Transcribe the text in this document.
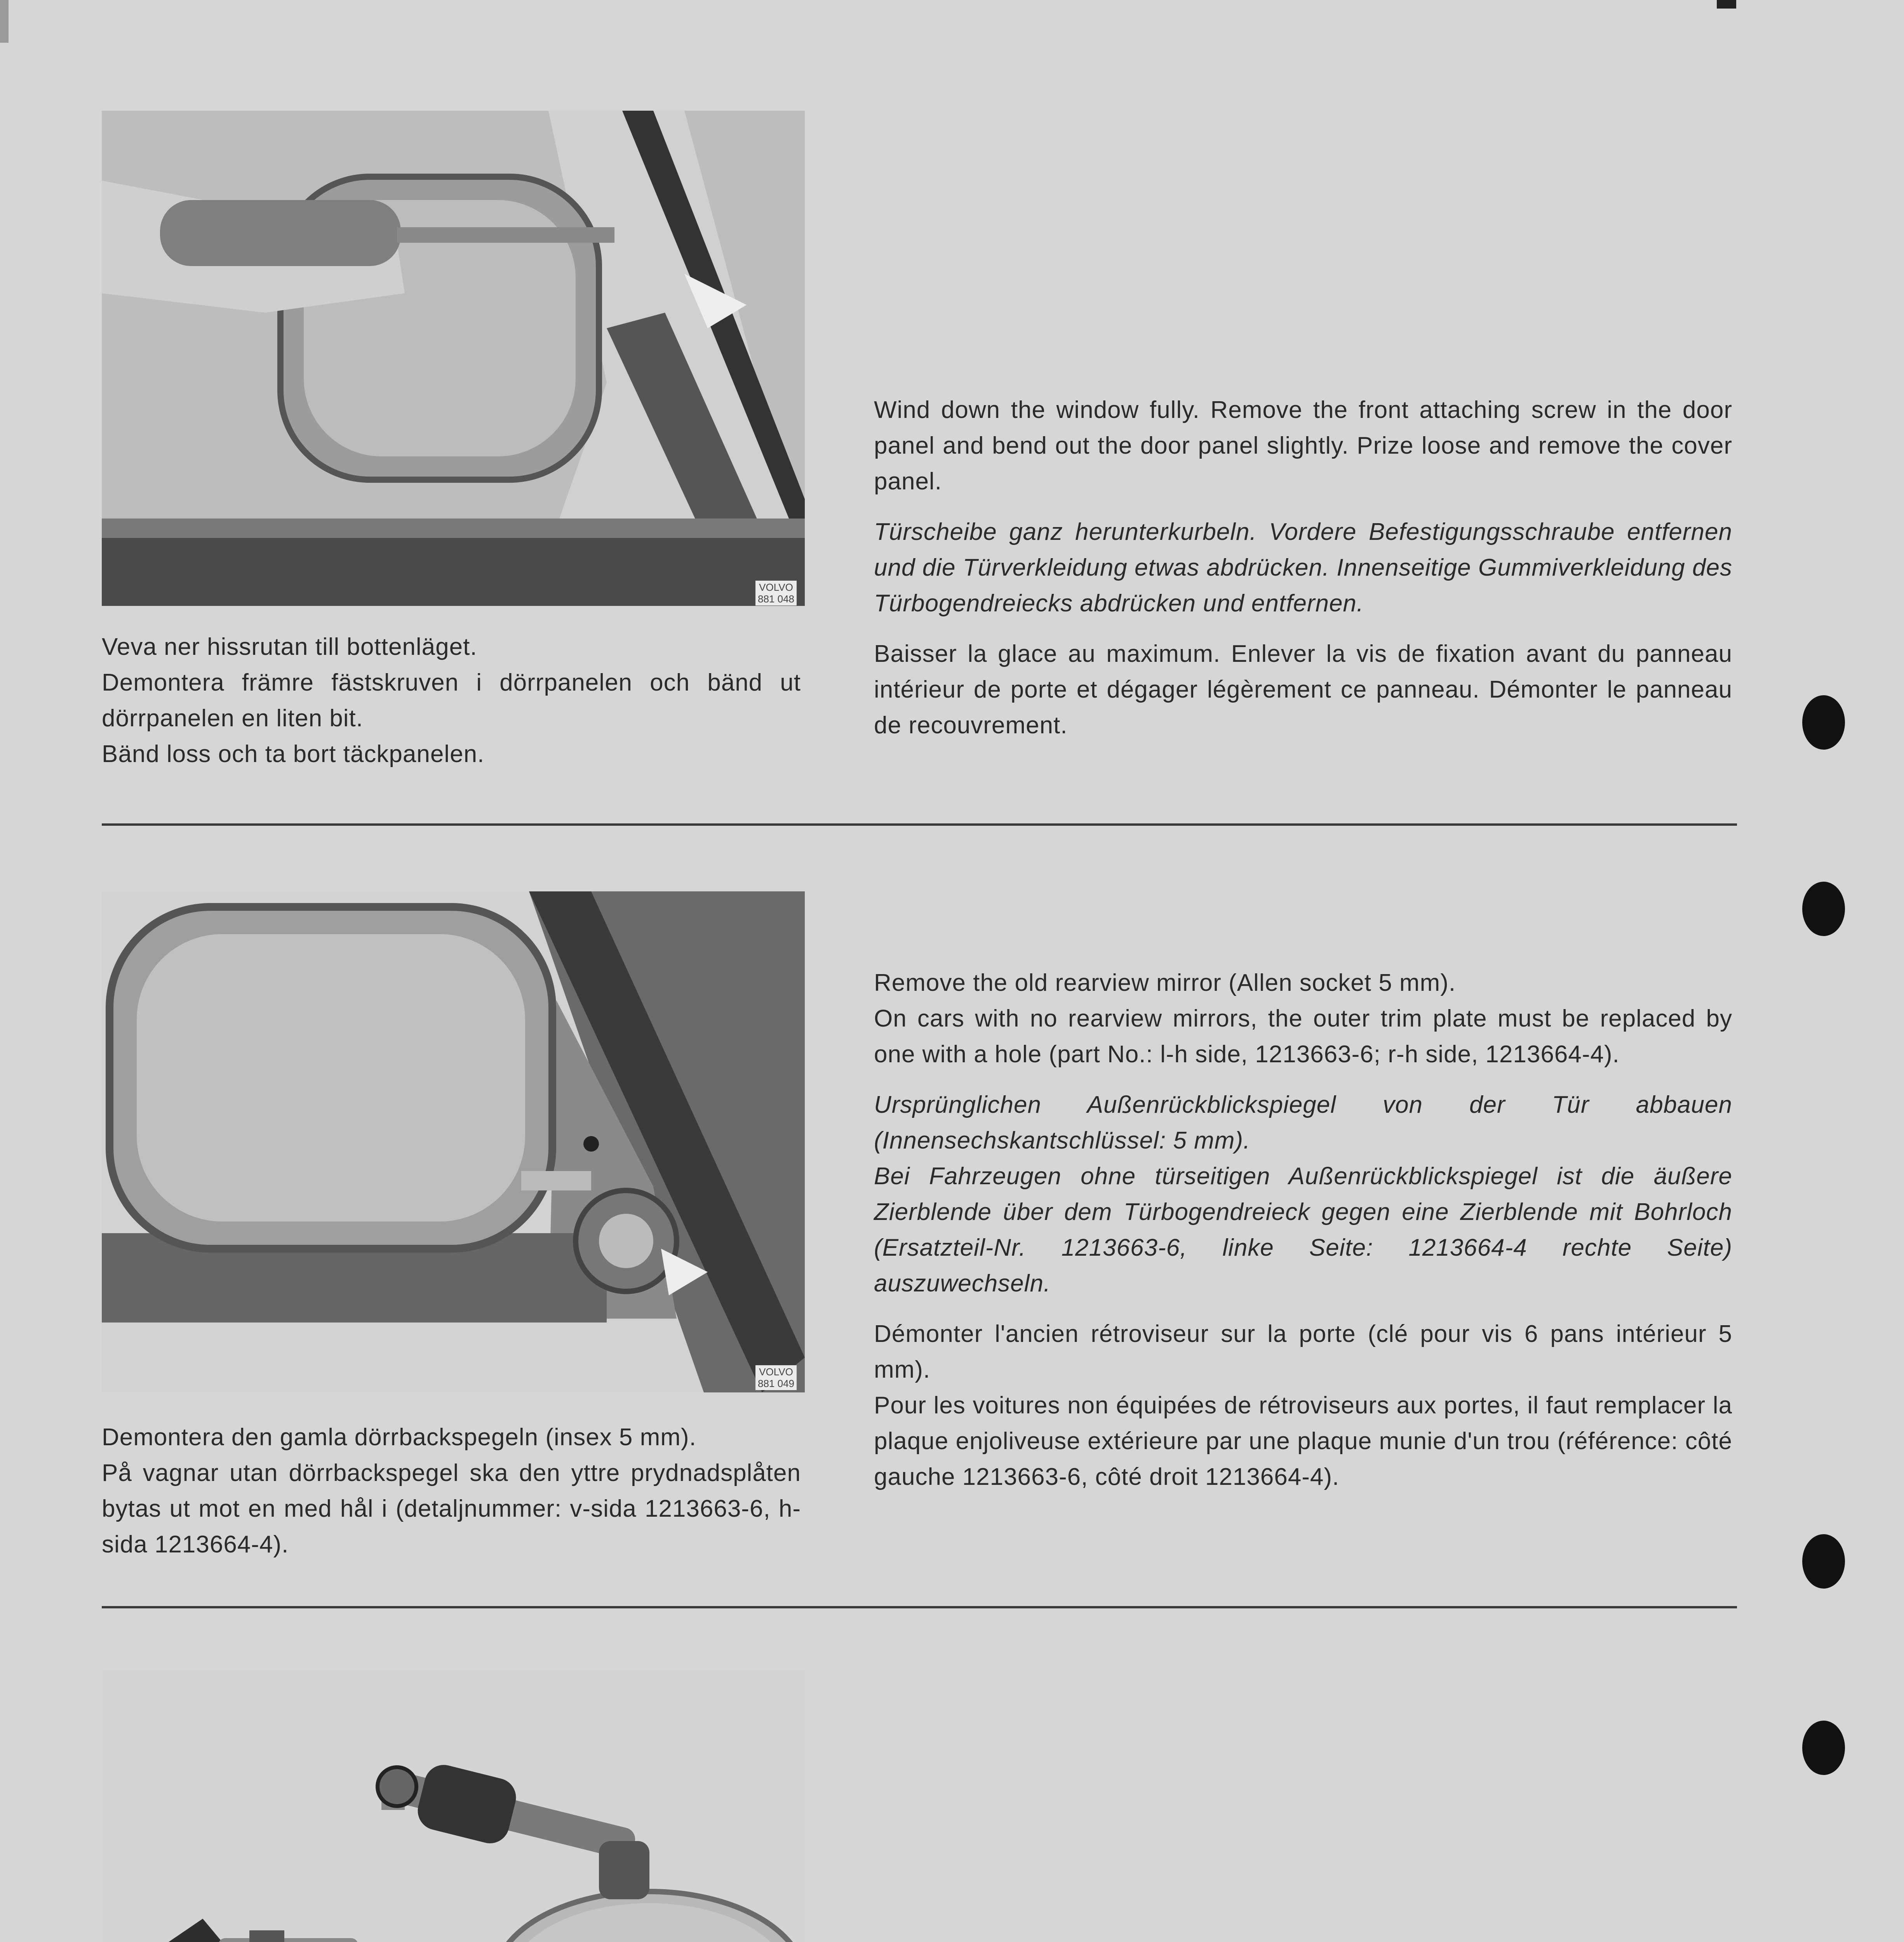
VOLVO
881 048

Veva ner hissrutan till bottenläget.

Demontera främre fästskruven i dörrpanelen och bänd ut dörrpanelen en liten bit.

Bänd loss och ta bort täckpanelen.

Wind down the window fully. Remove the front attaching screw in the door panel and bend out the door panel slightly. Prize loose and remove the cover panel.

Türscheibe ganz herunterkurbeln. Vordere Befestigungsschraube entfernen und die Türverkleidung etwas abdrücken. Innenseitige Gummiverkleidung des Türbogendreiecks abdrücken und entfernen.

Baisser la glace au maximum. Enlever la vis de fixation avant du panneau intérieur de porte et dégager légèrement ce panneau. Démonter le panneau de recouvrement.

VOLVO
881 049

Demontera den gamla dörrbackspegeln (insex 5 mm).

På vagnar utan dörrbackspegel ska den yttre prydnadsplåten bytas ut mot en med hål i (detaljnummer: v-sida 1213663-6, h-sida 1213664-4).

Remove the old rearview mirror (Allen socket 5 mm).

On cars with no rearview mirrors, the outer trim plate must be replaced by one with a hole (part No.: l-h side, 1213663-6; r-h side, 1213664-4).

Ursprünglichen Außenrückblickspiegel von der Tür abbauen (Innensechskantschlüssel: 5 mm).

Bei Fahrzeugen ohne türseitigen Außenrückblickspiegel ist die äußere Zierblende über dem Türbogendreieck gegen eine Zierblende mit Bohrloch (Ersatzteil-Nr. 1213663-6, linke Seite: 1213664-4 rechte Seite) auszuwechseln.

Démonter l'ancien rétroviseur sur la porte (clé pour vis 6 pans intérieur 5 mm).

Pour les voitures non équipées de rétroviseurs aux portes, il faut remplacer la plaque enjoliveuse extérieure par une plaque munie d'un trou (référence: côté gauche 1213663-6, côté droit 1213664-4).
